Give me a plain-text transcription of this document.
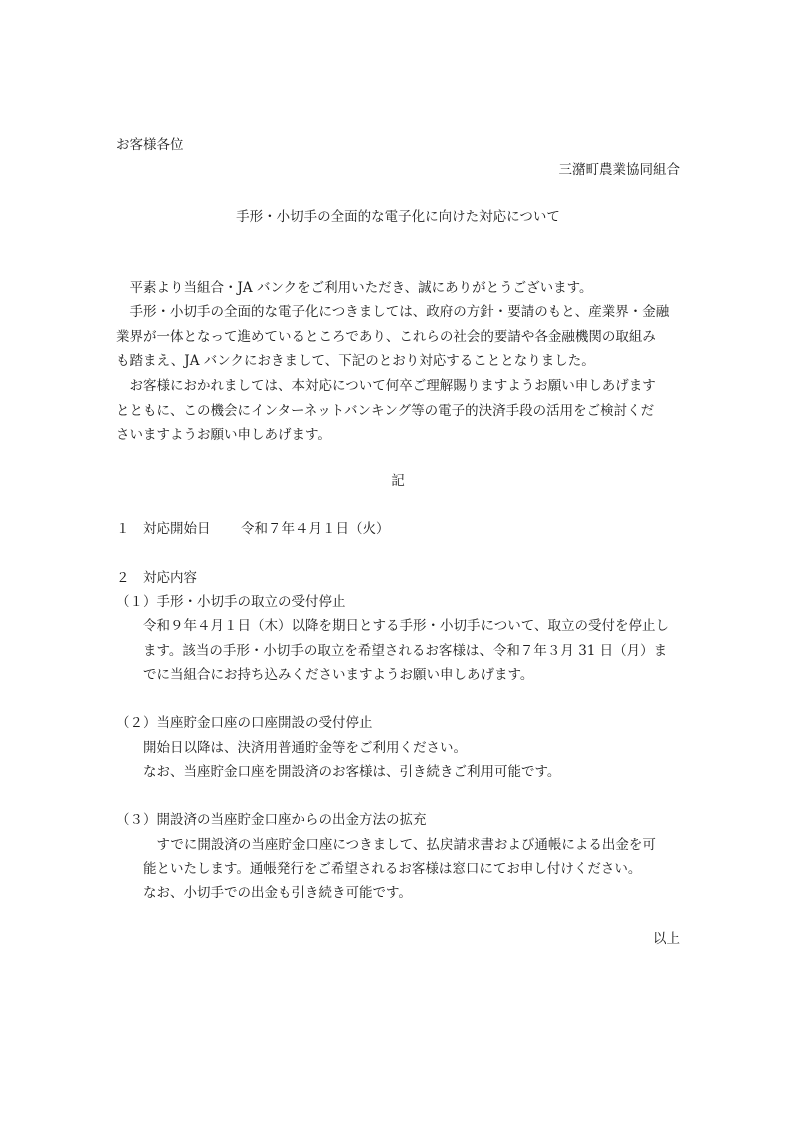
お客様各位
三潴町農業協同組合
手形・小切手の全面的な電子化に向けた対応について
　平素より当組合・JA バンクをご利用いただき、誠にありがとうございます。
　手形・小切手の全面的な電子化につきましては、政府の方針・要請のもと、産業界・金融
業界が一体となって進めているところであり、これらの社会的要請や各金融機関の取組み
も踏まえ、JA バンクにおきまして、下記のとおり対応することとなりました。
　お客様におかれましては、本対応について何卒ご理解賜りますようお願い申しあげます
とともに、この機会にインターネットバンキング等の電子的決済手段の活用をご検討くだ
さいますようお願い申しあげます。
記
１ 対応開始日 令和７年４月１日（火）
２ 対応内容
（１）手形・小切手の取立の受付停止
令和９年４月１日（木）以降を期日とする手形・小切手について、取立の受付を停止し
ます。該当の手形・小切手の取立を希望されるお客様は、令和７年３月 31 日（月）ま
でに当組合にお持ち込みくださいますようお願い申しあげます。
（２）当座貯金口座の口座開設の受付停止
開始日以降は、決済用普通貯金等をご利用ください。
なお、当座貯金口座を開設済のお客様は、引き続きご利用可能です。
（３）開設済の当座貯金口座からの出金方法の拡充
　すでに開設済の当座貯金口座につきまして、払戻請求書および通帳による出金を可
能といたします。通帳発行をご希望されるお客様は窓口にてお申し付けください。
なお、小切手での出金も引き続き可能です。
以上
